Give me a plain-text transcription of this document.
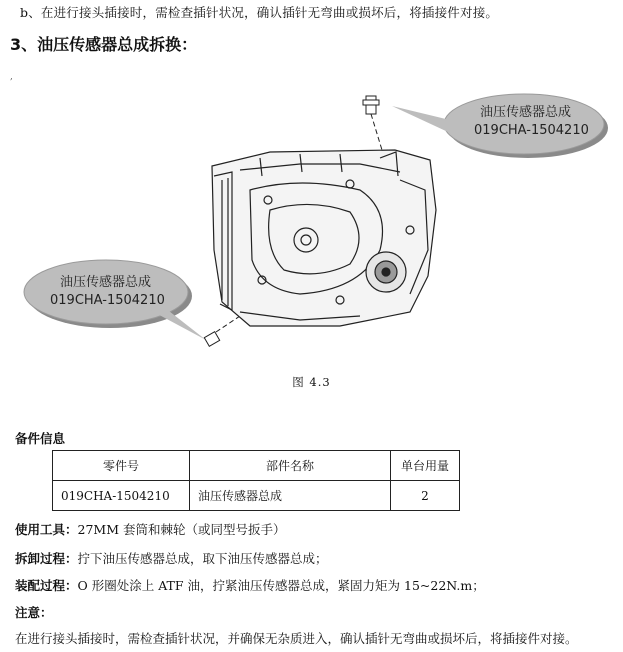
b、在进行接头插接时，需检查插针状况，确认插针无弯曲或损坏后，将插接件对接。
3、油压传感器总成拆换：
,
油压传感器总成
019CHA-1504210
油压传感器总成
019CHA-1504210
图 4.3
备件信息
零件号	部件名称	单台用量
019CHA-1504210	油压传感器总成	2
使用工具：27MM 套筒和棘轮（或同型号扳手）
拆卸过程：拧下油压传感器总成，取下油压传感器总成；
装配过程：O 形圈处涂上 ATF 油，拧紧油压传感器总成，紧固力矩为 15~22N.m；
注意：
在进行接头插接时，需检查插针状况，并确保无杂质进入，确认插针无弯曲或损坏后，将插接件对接。
